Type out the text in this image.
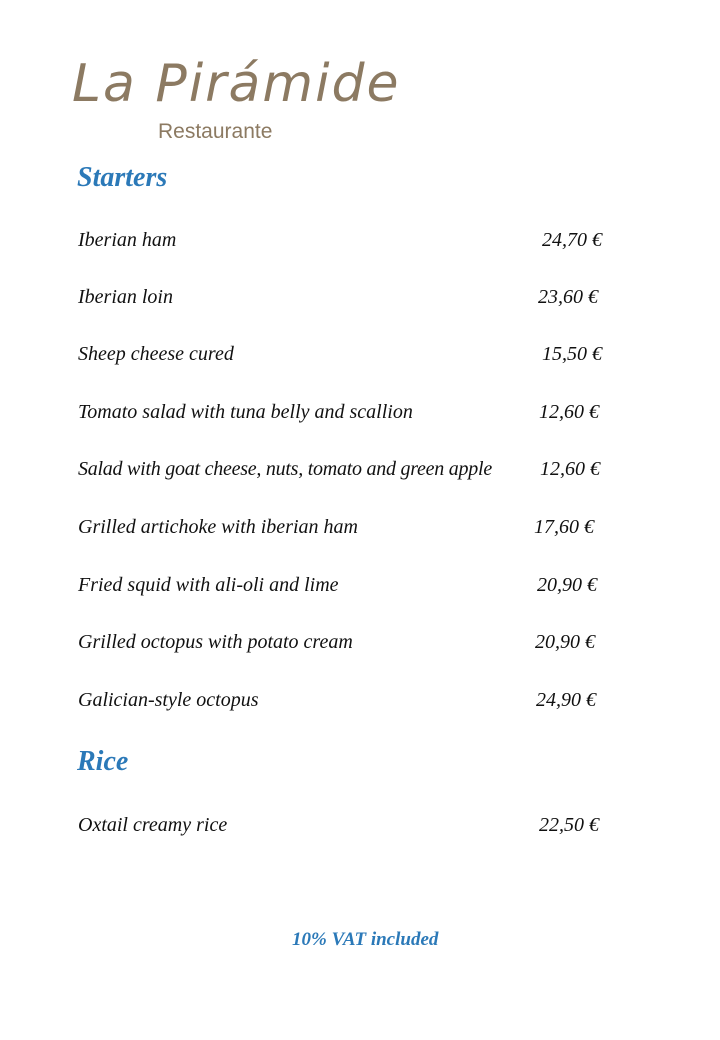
La Pirámide
Restaurante
Starters
Iberian ham	24,70 €
Iberian loin	23,60 €
Sheep cheese cured	15,50 €
Tomato salad with tuna belly and scallion	12,60 €
Salad with goat cheese, nuts, tomato and green apple 12,60 €
Grilled artichoke with iberian ham	17,60 €
Fried squid with ali-oli and lime	20,90 €
Grilled octopus with potato cream	20,90 €
Galician-style octopus	24,90 €
Rice
Oxtail creamy rice	22,50 €
10% VAT included
